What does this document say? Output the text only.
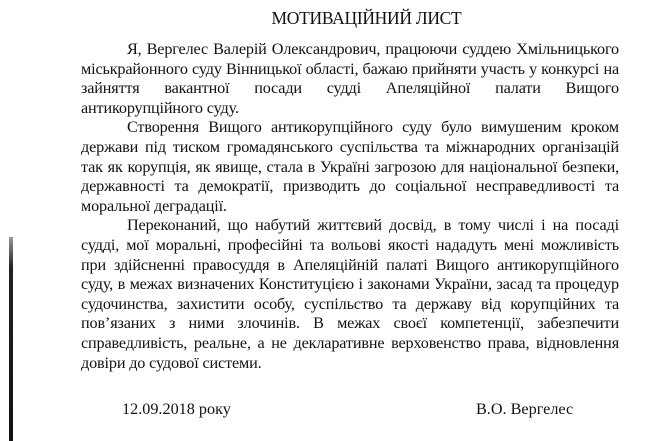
МОТИВАЦІЙНИЙ ЛИСТ

Я, Вергелес Валерій Олександрович, працюючи суддею Хмільницького міськрайонного суду Вінницької області, бажаю прийняти участь у конкурсі на зайняття вакантної посади судді Апеляційної палати Вищого антикорупційного суду.

Створення Вищого антикорупційного суду було вимушеним кроком держави під тиском громадянського суспільства та міжнародних організацій так як корупція, як явище, стала в Україні загрозою для національної безпеки, державності та демократії, призводить до соціальної несправедливості та моральної деградації.

Переконаний, що набутий життєвий досвід, в тому числі і на посаді судді, мої моральні, професійні та вольові якості нададуть мені можливість при здійсненні правосуддя в Апеляційній палаті Вищого антикорупційного суду, в межах визначених Конституцією і законами України, засад та процедур судочинства, захистити особу, суспільство та державу від корупційних та пов’язаних з ними злочинів. В межах своєї компетенції, забезпечити справедливість, реальне, а не декларативне верховенство права, відновлення довіри до судової системи.

12.09.2018 року	В.О. Вергелес
